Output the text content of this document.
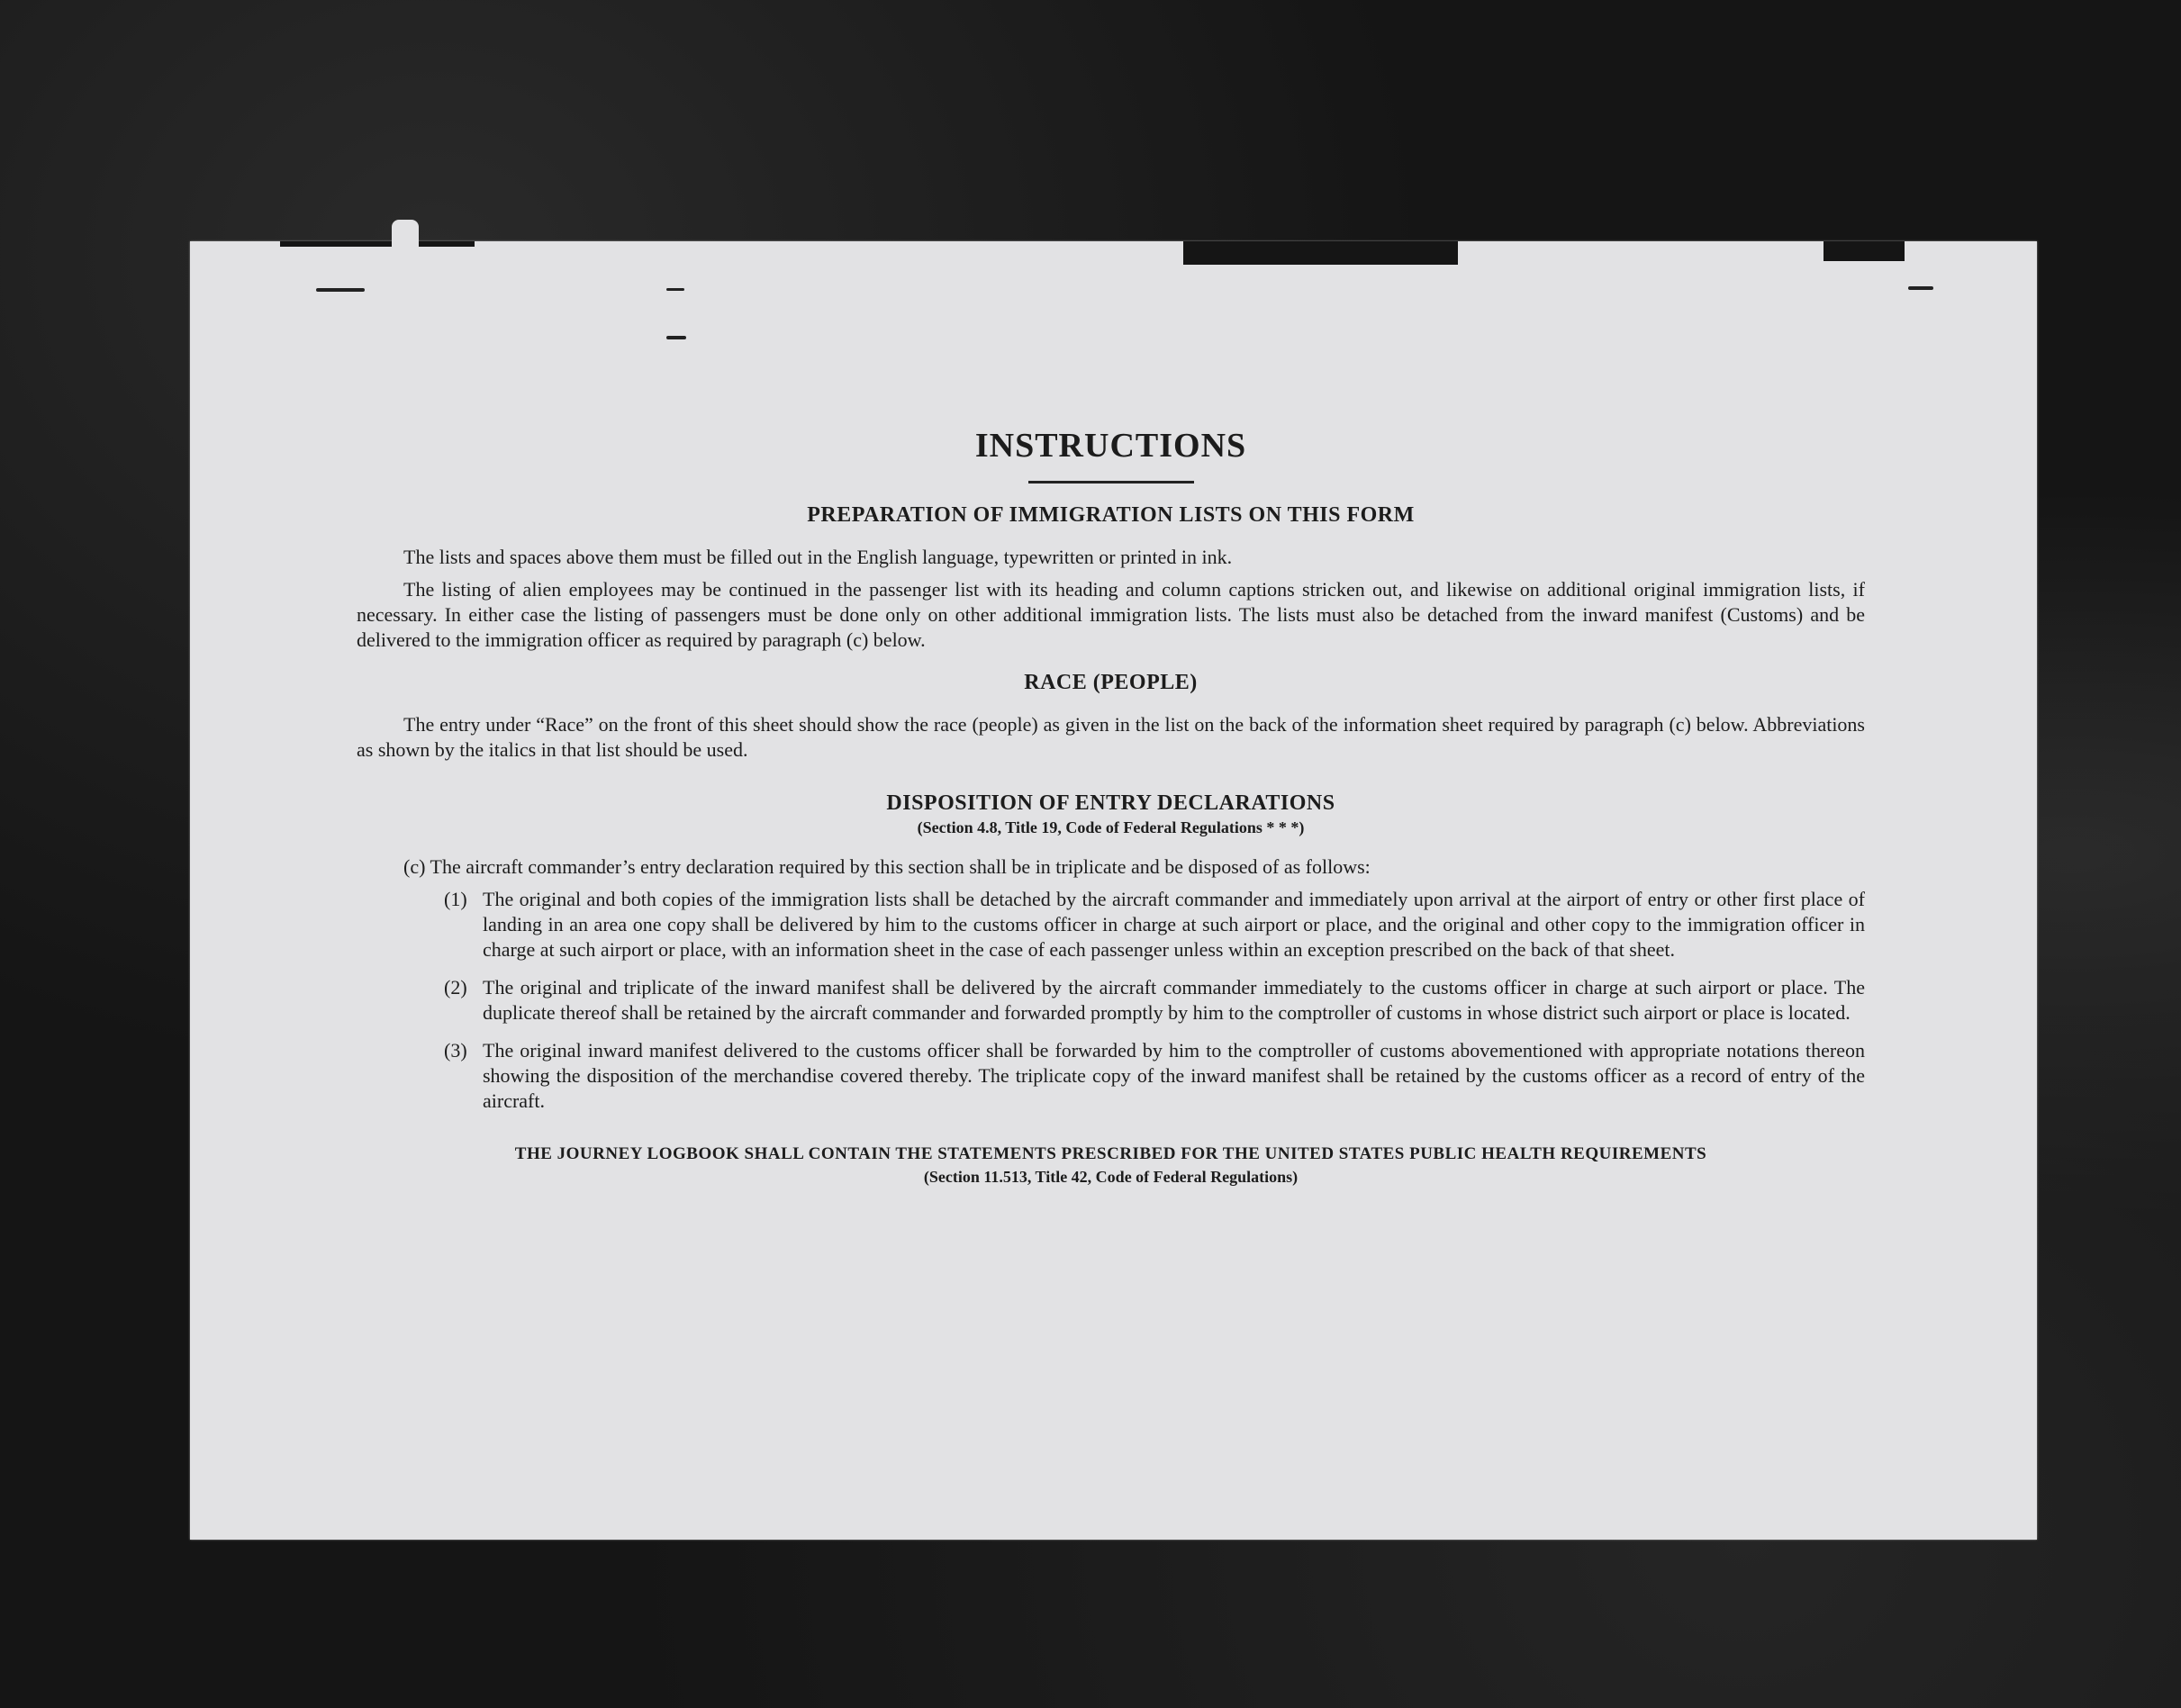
INSTRUCTIONS
PREPARATION OF IMMIGRATION LISTS ON THIS FORM

The lists and spaces above them must be filled out in the English language, typewritten or printed in ink.

The listing of alien employees may be continued in the passenger list with its heading and column captions stricken out, and likewise on additional original immigration lists, if necessary. In either case the listing of passengers must be done only on other additional immigration lists. The lists must also be detached from the inward manifest (Customs) and be delivered to the immigration officer as required by paragraph (c) below.

RACE (PEOPLE)

The entry under “Race” on the front of this sheet should show the race (people) as given in the list on the back of the information sheet required by paragraph (c) below. Abbreviations as shown by the italics in that list should be used.

DISPOSITION OF ENTRY DECLARATIONS

(Section 4.8, Title 19, Code of Federal Regulations * * *)

(c) The aircraft commander’s entry declaration required by this section shall be in triplicate and be disposed of as follows:

(1) The original and both copies of the immigration lists shall be detached by the aircraft commander and immediately upon arrival at the airport of entry or other first place of landing in an area one copy shall be delivered by him to the customs officer in charge at such airport or place, and the original and other copy to the immigration officer in charge at such airport or place, with an information sheet in the case of each passenger unless within an exception prescribed on the back of that sheet.
(2) The original and triplicate of the inward manifest shall be delivered by the aircraft commander immediately to the customs officer in charge at such airport or place. The duplicate thereof shall be retained by the aircraft commander and forwarded promptly by him to the comptroller of customs in whose district such airport or place is located.
(3) The original inward manifest delivered to the customs officer shall be forwarded by him to the comptroller of customs abovementioned with appropriate notations thereon showing the disposition of the merchandise covered thereby. The triplicate copy of the inward manifest shall be retained by the customs officer as a record of entry of the aircraft.

THE JOURNEY LOGBOOK SHALL CONTAIN THE STATEMENTS PRESCRIBED FOR THE UNITED STATES PUBLIC HEALTH REQUIREMENTS

(Section 11.513, Title 42, Code of Federal Regulations)
